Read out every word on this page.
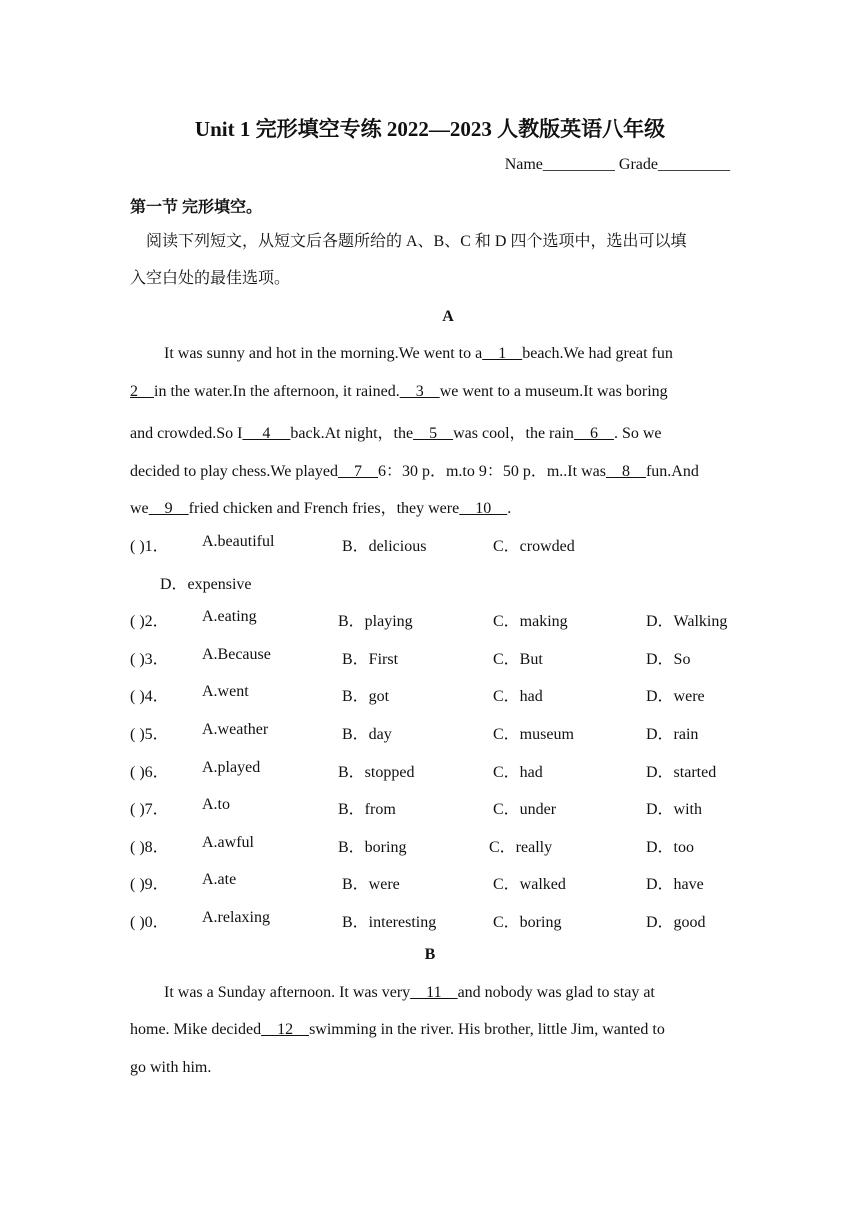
Unit 1 完形填空专练 2022—2023 人教版英语八年级
Name_________ Grade_________
第一节 完形填空。
阅读下列短文，从短文后各题所给的 A、B、C 和 D 四个选项中，选出可以填
入空白处的最佳选项。
A
It was sunny and hot in the morning.We went to a    1    beach.We had great fun
2 in the water.In the afternoon, it rained.    3    we went to a museum.It was boring
and crowded.So I     4     back.At night，the    5    was cool，the rain    6    . So we
decided to play chess.We played    7    6：30 p．m.to 9：50 p．m..It was    8    fun.And
we    9    fried chicken and French fries，they were    10    .
( )1． A.beautiful	B．delicious	C．crowded
D．expensive
( )2． A.eating	B．playing	C．making	D．Walking
( )3． A.Because	B．First	C．But	D．So
( )4． A.went	B．got	C．had	D．were
( )5． A.weather	B．day	C．museum	D．rain
( )6． A.played	B．stopped	C．had	D．started
( )7． A.to	B．from	C．under	D．with
( )8． A.awful	B．boring	C．really	D．too
( )9． A.ate	B．were	C．walked	D．have
( )0． A.relaxing	B．interesting	C．boring	D．good
B
It was a Sunday afternoon. It was very    11    and nobody was glad to stay at
home. Mike decided    12    swimming in the river. His brother, little Jim, wanted to
go with him.
